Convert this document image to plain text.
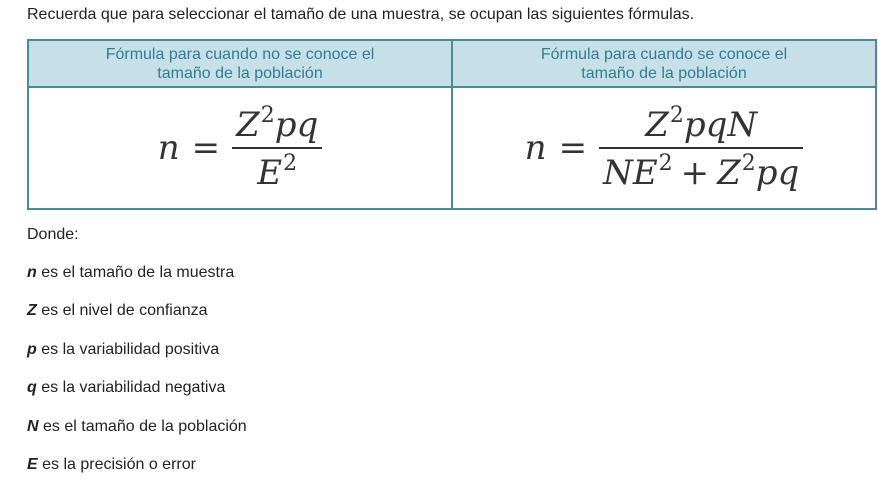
Recuerda que para seleccionar el tamaño de una muestra, se ocupan las siguientes fórmulas.
Fórmula para cuando no se conoce el
tamaño de la población
Fórmula para cuando se conoce el
tamaño de la población
$n = \frac{Z^2pq}{E^2}$	$n = \frac{Z^2pqN}{NE^2 + Z^2pq}$
Donde:
n es el tamaño de la muestra
Z es el nivel de confianza
p es la variabilidad positiva
q es la variabilidad negativa
N es el tamaño de la población
E es la precisión o error
